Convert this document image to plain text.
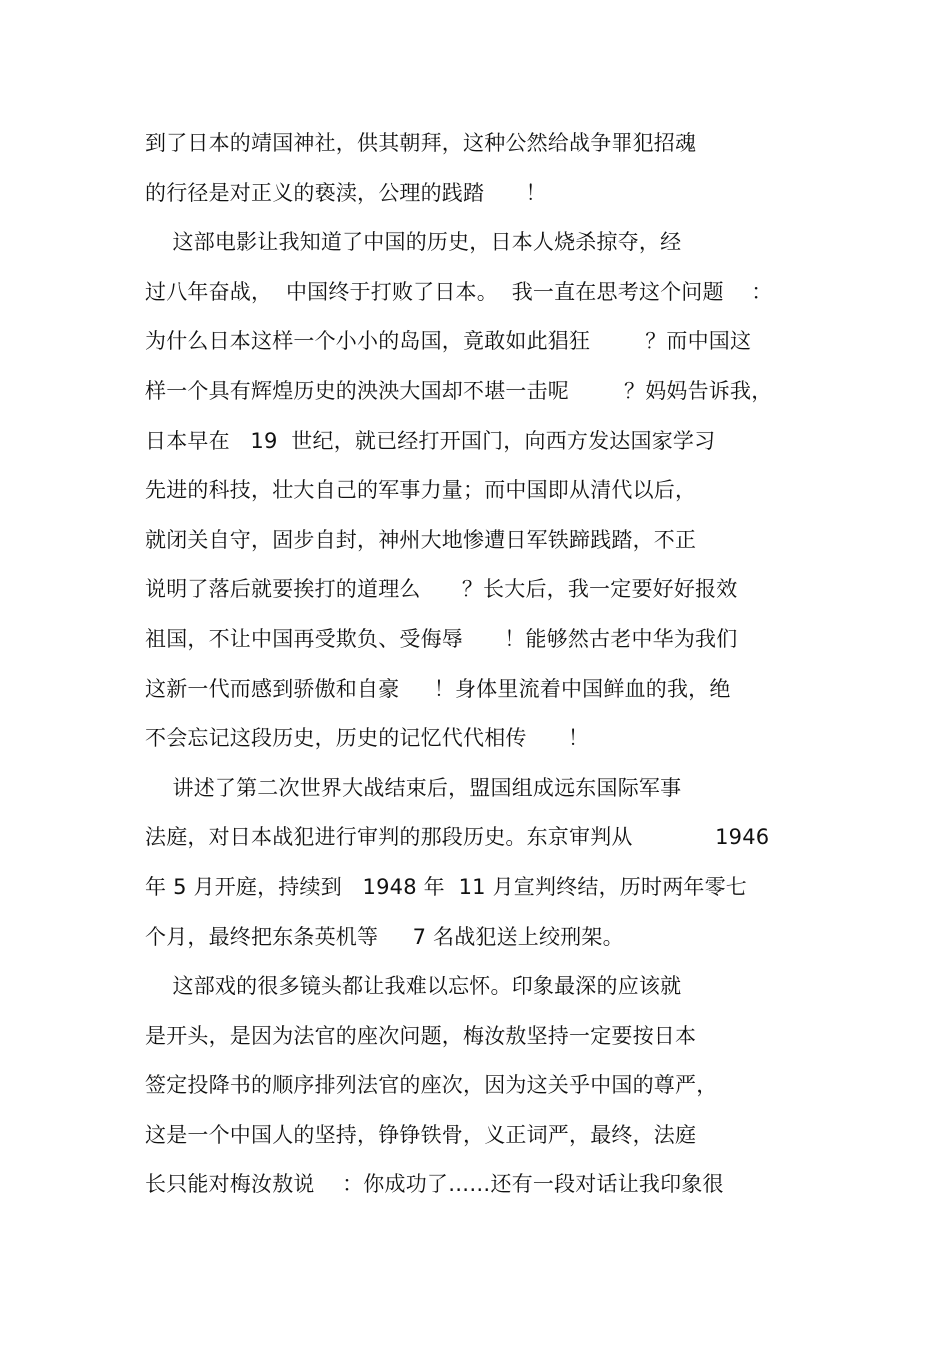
到了日本的靖国神社，供其朝拜，这种公然给战争罪犯招魂
的行径是对正义的亵渎，公理的践踏      ！
这部电影让我知道了中国的历史，日本人烧杀掠夺，经
过八年奋战，  中国终于打败了日本。  我一直在思考这个问题    ：
为什么日本这样一个小小的岛国，竟敢如此猖狂        ？而中国这
样一个具有辉煌历史的泱泱大国却不堪一击呢        ？妈妈告诉我，
日本早在   19  世纪，就已经打开国门，向西方发达国家学习
先进的科技，壮大自己的军事力量；而中国即从清代以后，
就闭关自守，固步自封，神州大地惨遭日军铁蹄践踏，不正
说明了落后就要挨打的道理么      ？长大后，我一定要好好报效
祖国，不让中国再受欺负、受侮辱      ！能够然古老中华为我们
这新一代而感到骄傲和自豪     ！身体里流着中国鲜血的我，绝
不会忘记这段历史，历史的记忆代代相传      ！
讲述了第二次世界大战结束后，盟国组成远东国际军事
法庭，对日本战犯进行审判的那段历史。东京审判从            1946
年 5 月开庭，持续到   1948 年  11 月宣判终结，历时两年零七
个月，最终把东条英机等     7 名战犯送上绞刑架。
这部戏的很多镜头都让我难以忘怀。印象最深的应该就
是开头，是因为法官的座次问题，梅汝敖坚持一定要按日本
签定投降书的顺序排列法官的座次，因为这关乎中国的尊严，
这是一个中国人的坚持，铮铮铁骨，义正词严，最终，法庭
长只能对梅汝敖说    ：你成功了……还有一段对话让我印象很
